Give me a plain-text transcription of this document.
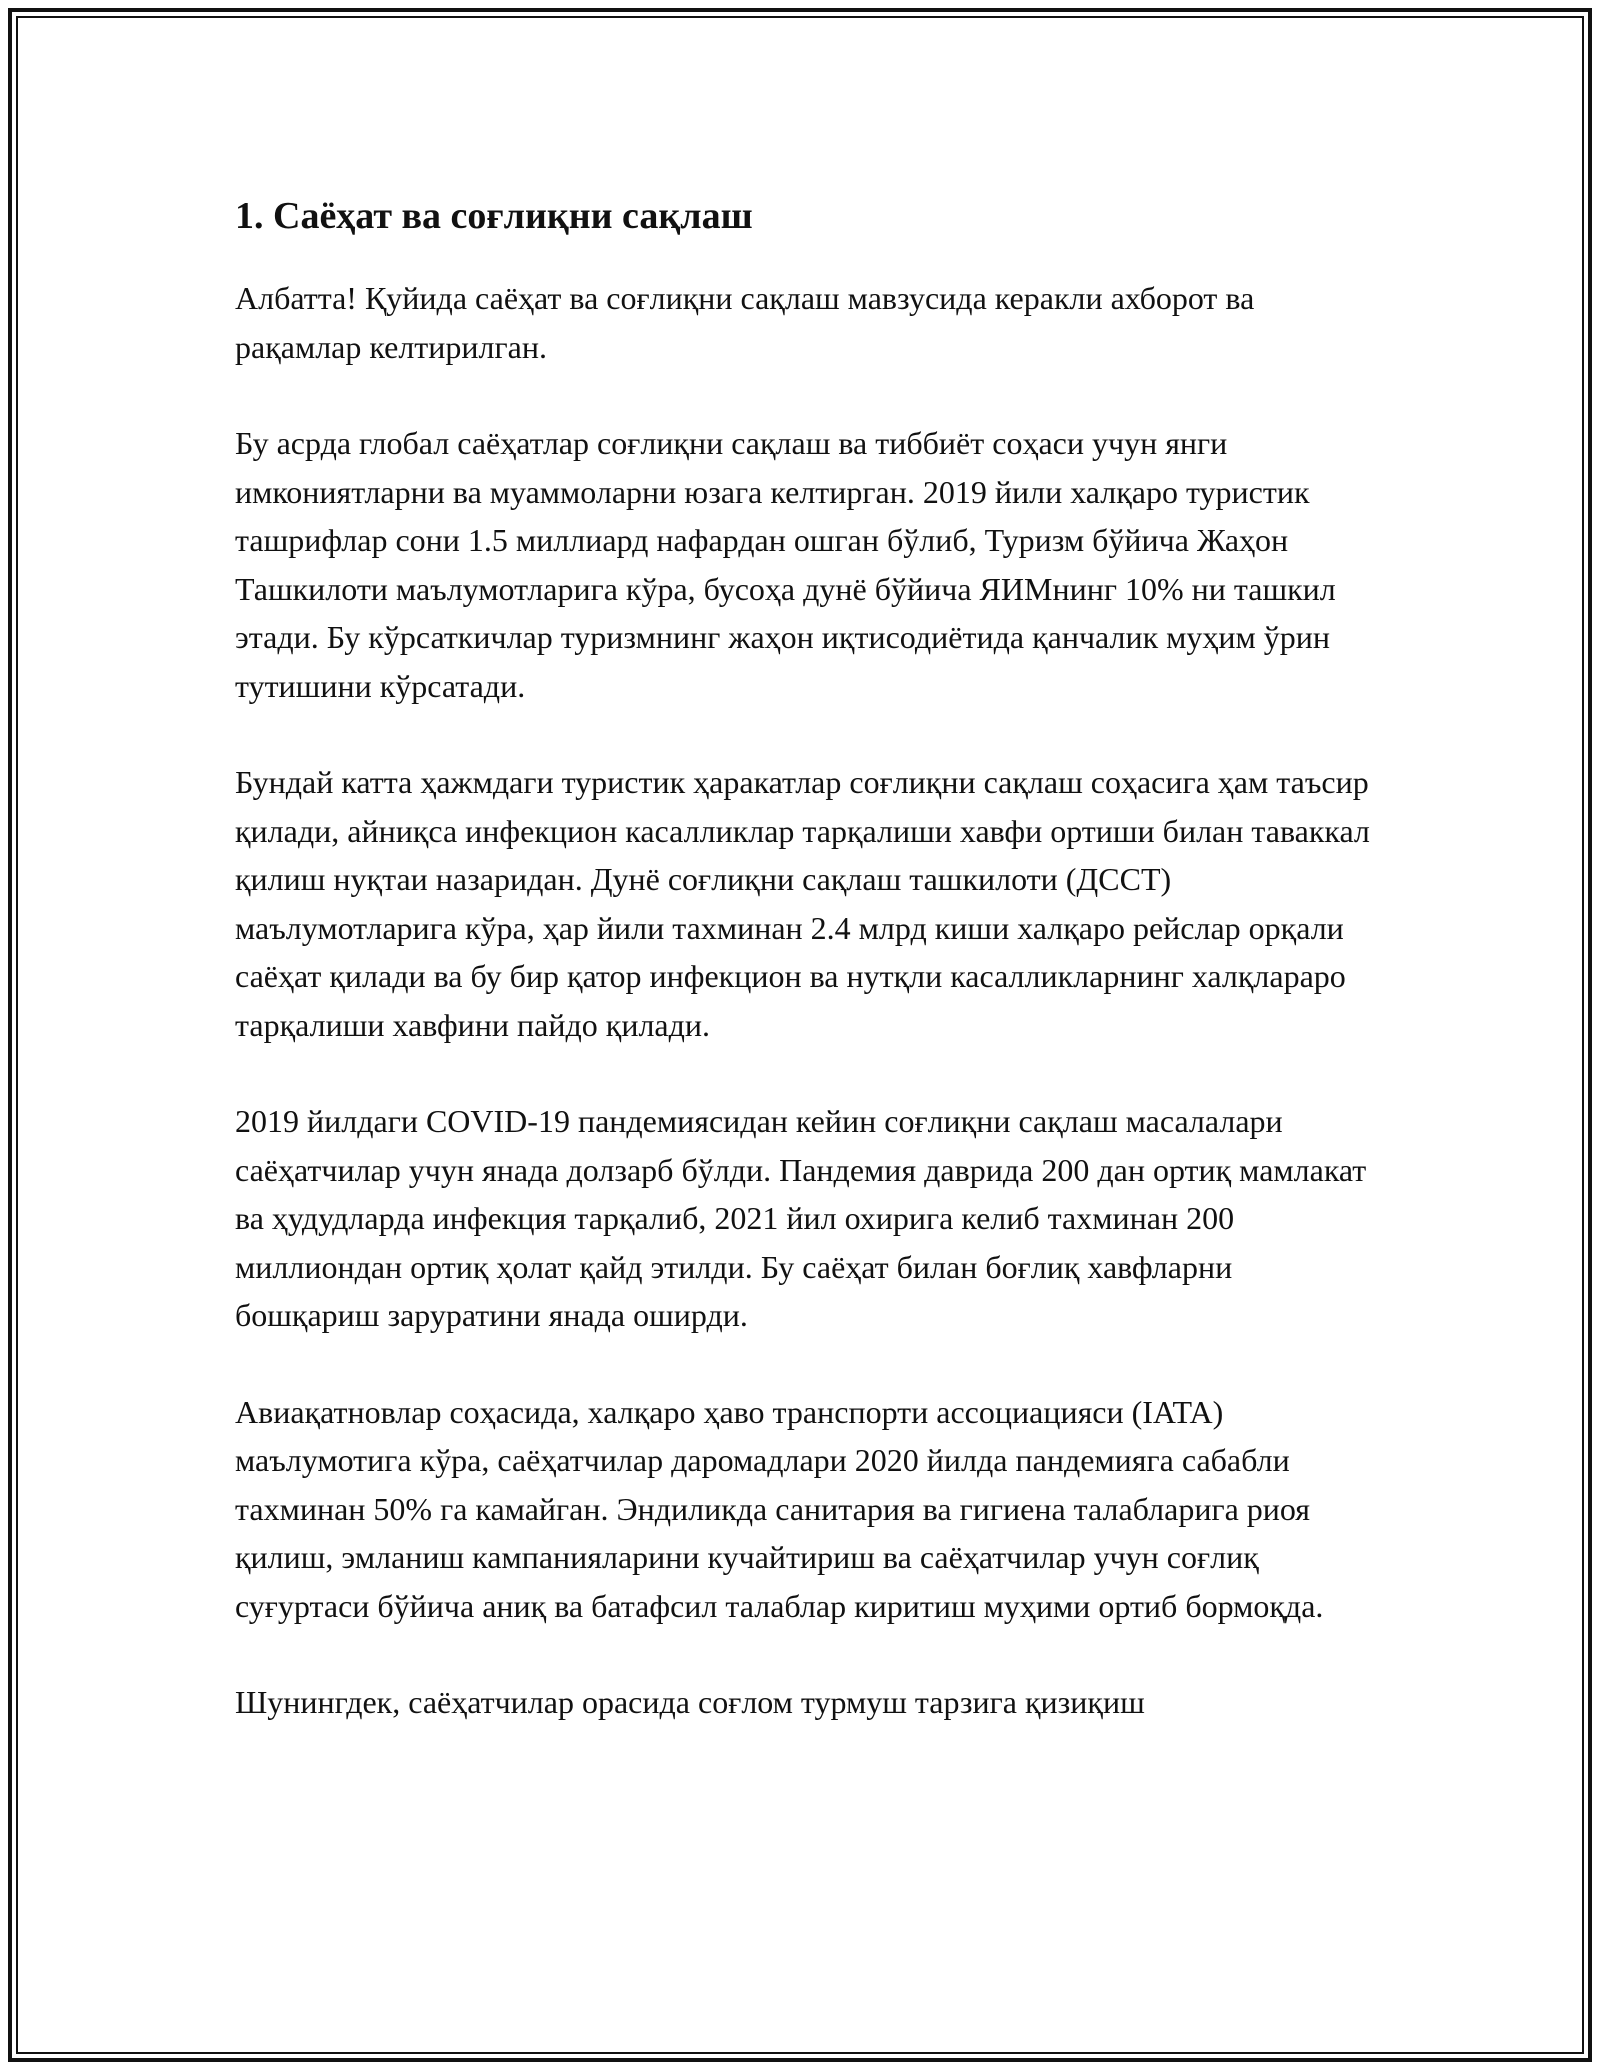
1. Саёҳат ва соғлиқни сақлаш

Албатта! Қуйида саёҳат ва соғлиқни сақлаш мавзусида керакли ахборот ва рақамлар келтирилган.

Бу асрда глобал саёҳатлар соғлиқни сақлаш ва тиббиёт соҳаси учун янги имкониятларни ва муаммоларни юзага келтирган. 2019 йили халқаро туристик ташрифлар сони 1.5 миллиард нафардан ошган бўлиб, Туризм бўйича Жаҳон Ташкилоти маълумотларига кўра, бусоҳа дунё бўйича ЯИМнинг 10% ни ташкил этади. Бу кўрсаткичлар туризмнинг жаҳон иқтисодиётида қанчалик муҳим ўрин тутишини кўрсатади.

Бундай катта ҳажмдаги туристик ҳаракатлар соғлиқни сақлаш соҳасига ҳам таъсир қилади, айниқса инфекцион касалликлар тарқалиши хавфи ортиши билан таваккал қилиш нуқтаи назаридан. Дунё соғлиқни сақлаш ташкилоти (ДССТ) маълумотларига кўра, ҳар йили тахминан 2.4 млрд киши халқаро рейслар орқали саёҳат қилади ва бу бир қатор инфекцион ва нутқли касалликларнинг халқлараро тарқалиши хавфини пайдо қилади.

2019 йилдаги COVID-19 пандемиясидан кейин соғлиқни сақлаш масалалари саёҳатчилар учун янада долзарб бўлди. Пандемия даврида 200 дан ортиқ мамлакат ва ҳудудларда инфекция тарқалиб, 2021 йил охирига келиб тахминан 200 миллиондан ортиқ ҳолат қайд этилди. Бу саёҳат билан боғлиқ хавфларни бошқариш заруратини янада оширди.

Авиақатновлар соҳасида, халқаро ҳаво транспорти ассоциацияси (IATA) маълумотига кўра, саёҳатчилар даромадлари 2020 йилда пандемияга сабабли тахминан 50% га камайган. Эндиликда санитария ва гигиена талабларига риоя қилиш, эмланиш кампанияларини кучайтириш ва саёҳатчилар учун соғлиқ суғуртаси бўйича аниқ ва батафсил талаблар киритиш муҳими ортиб бормоқда.

Шунингдек, саёҳатчилар орасида соғлом турмуш тарзига қизиқиш
